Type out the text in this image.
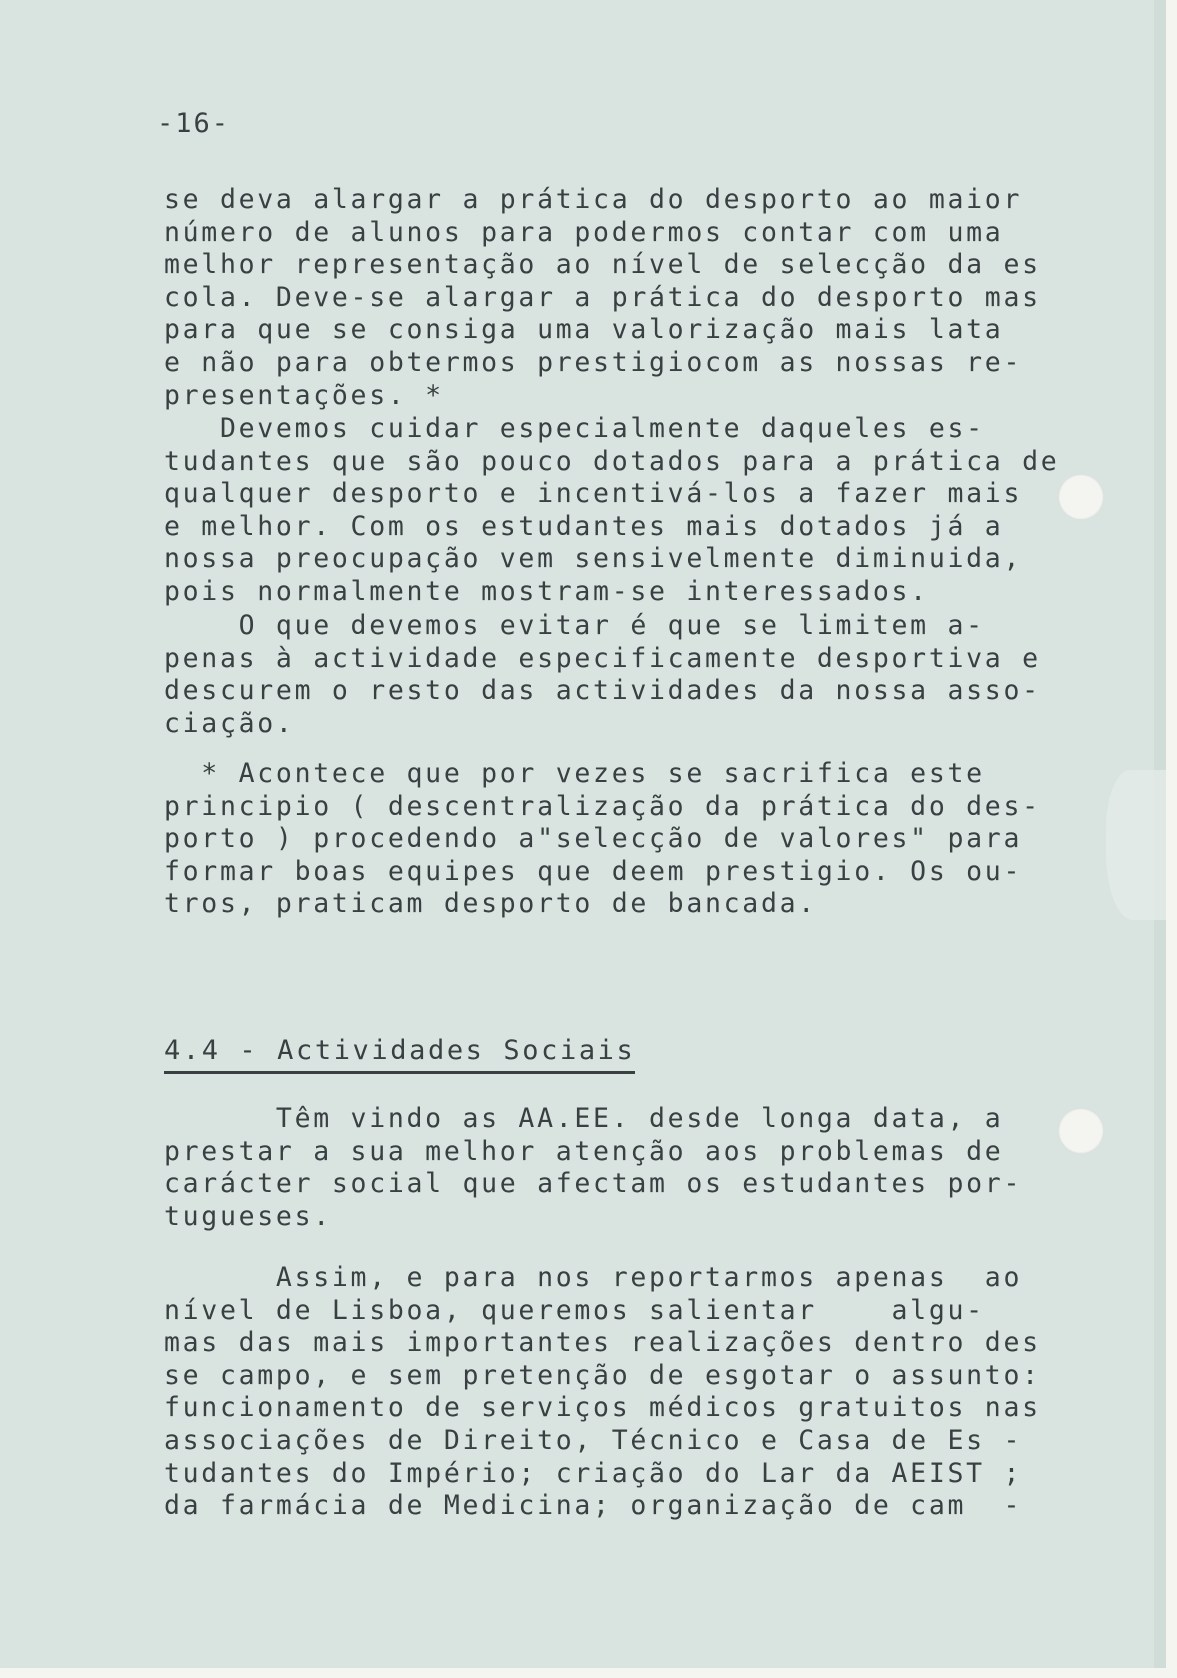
-16-
se deva alargar a prática do desporto ao maior
número de alunos para podermos contar com uma
melhor representação ao nível de selecção da es
cola. Deve-se alargar a prática do desporto mas
para que se consiga uma valorização mais lata
e não para obtermos prestigiocom as nossas re-
presentações. *
Devemos cuidar especialmente daqueles es-
tudantes que são pouco dotados para a prática de
qualquer desporto e incentivá-los a fazer mais
e melhor. Com os estudantes mais dotados já a
nossa preocupação vem sensivelmente diminuida,
pois normalmente mostram-se interessados.
O que devemos evitar é que se limitem a-
penas à actividade especificamente desportiva e
descurem o resto das actividades da nossa asso-
ciação.
* Acontece que por vezes se sacrifica este
principio ( descentralização da prática do des-
porto ) procedendo a"selecção de valores" para
formar boas equipes que deem prestigio. Os ou-
tros, praticam desporto de bancada.
4.4 - Actividades Sociais
Têm vindo as AA.EE. desde longa data, a
prestar a sua melhor atenção aos problemas de
carácter social que afectam os estudantes por-
tugueses.
Assim, e para nos reportarmos apenas  ao
nível de Lisboa, queremos salientar    algu-
mas das mais importantes realizações dentro des
se campo, e sem pretenção de esgotar o assunto:
funcionamento de serviços médicos gratuitos nas
associações de Direito, Técnico e Casa de Es -
tudantes do Império; criação do Lar da AEIST ;
da farmácia de Medicina; organização de cam  -
